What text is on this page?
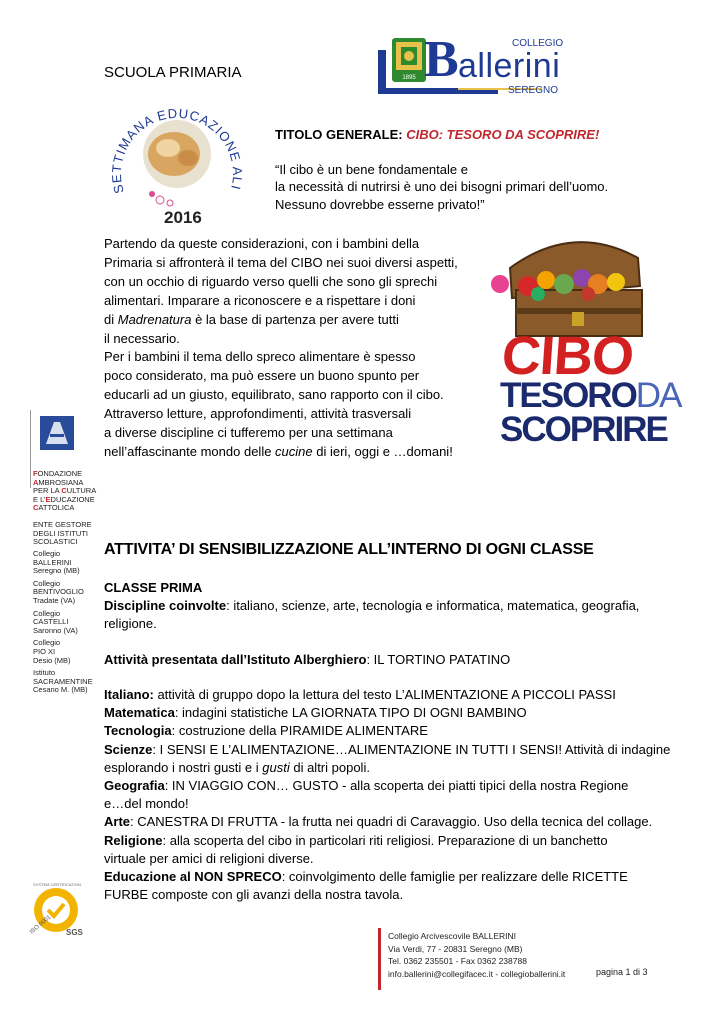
SCUOLA PRIMARIA	1895 B allerini
COLLEGIO
SEREGNO
SETTIMANA EDUCAZIONE ALI
2016
TITOLO GENERALE: CIBO: TESORO DA SCOPRIRE!
“Il cibo è un bene fondamentale e
la necessità di nutrirsi è uno dei bisogni primari dell’uomo.
Nessuno dovrebbe esserne privato!”
Partendo da queste considerazioni, con i bambini della
Primaria si affronterà il tema del CIBO nei suoi diversi aspetti,
con un occhio di riguardo verso quelli che sono gli sprechi
alimentari. Imparare a riconoscere e a rispettare i doni
di Madrenatura è la base di partenza per avere tutti
il necessario.
Per i bambini il tema dello spreco alimentare è spesso
poco considerato, ma può essere un buono spunto per
educarli ad un giusto, equilibrato, sano rapporto con il cibo.
Attraverso letture, approfondimenti, attività trasversali
a diverse discipline ci tufferemo per una settimana
nell’affascinante mondo delle cucine di ieri, oggi e …domani!
CIBO
TESORODA
SCOPRIRE
FONDAZIONE
AMBROSIANA
PER LA CULTURA
E L’EDUCAZIONE
CATTOLICA
ENTE GESTORE
DEGLI ISTITUTI
SCOLASTICI
Collegio
BALLERINI
Seregno (MB)
Collegio
BENTIVOGLIO
Tradate (VA)
Collegio
CASTELLI
Saronno (VA)
Collegio
PIO XI
Desio (MB)
Istituto
SACRAMENTINE
Cesano M. (MB)
SYSTEM CERTIFICATION
ISO 9001 SGS
ATTIVITA’ DI SENSIBILIZZAZIONE ALL’INTERNO DI OGNI CLASSE
CLASSE PRIMA
Discipline coinvolte: italiano, scienze, arte, tecnologia e informatica, matematica, geografia,
religione.
Attività presentata dall’Istituto Alberghiero: IL TORTINO PATATINO
Italiano: attività di gruppo dopo la lettura del testo L’ALIMENTAZIONE A PICCOLI PASSI
Matematica: indagini statistiche LA GIORNATA TIPO DI OGNI BAMBINO
Tecnologia: costruzione della PIRAMIDE ALIMENTARE
Scienze: I SENSI E L’ALIMENTAZIONE…ALIMENTAZIONE IN TUTTI I SENSI! Attività di indagine
esplorando i nostri gusti e i gusti di altri popoli.
Geografia: IN VIAGGIO CON… GUSTO - alla scoperta dei piatti tipici della nostra Regione
e…del mondo!
Arte: CANESTRA DI FRUTTA - la frutta nei quadri di Caravaggio. Uso della tecnica del collage.
Religione: alla scoperta del cibo in particolari riti religiosi. Preparazione di un banchetto
virtuale per amici di religioni diverse.
Educazione al NON SPRECO: coinvolgimento delle famiglie per realizzare delle RICETTE
FURBE composte con gli avanzi della nostra tavola.
Collegio Arcivescovile BALLERINI
Via Verdi, 77 - 20831 Seregno (MB)
Tel. 0362 235501 - Fax 0362 238788
info.ballerini@collegifacec.it - collegioballerini.it	pagina 1 di 3
